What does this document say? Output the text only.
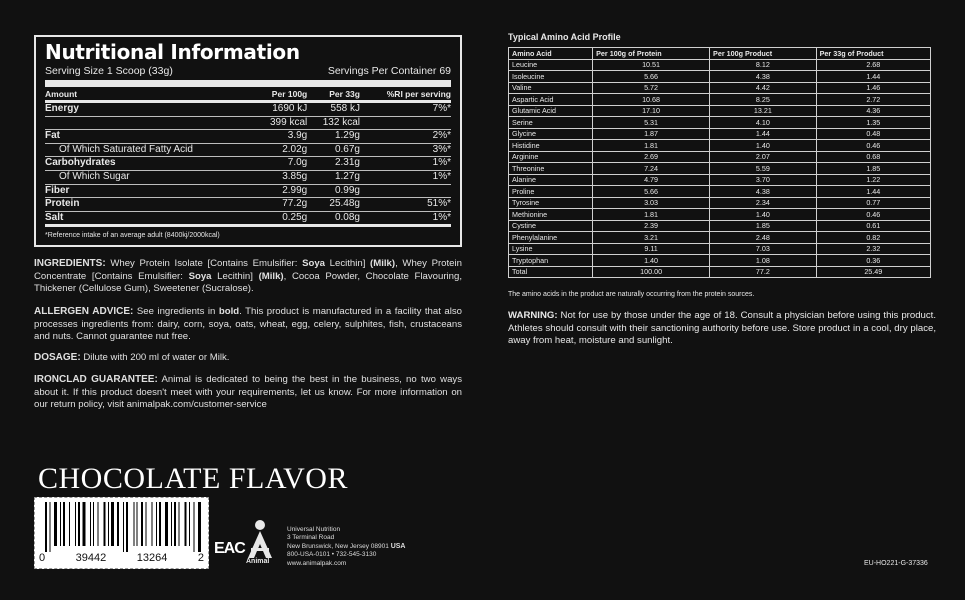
Nutritional Information
Serving Size 1 Scoop (33g)	Servings Per Container 69
Amount	Per 100g	Per 33g	%RI per serving
Energy	1690 kJ	558 kJ	7%*
	399 kcal	132 kcal	
Fat	3.9g	1.29g	2%*
Of Which Saturated Fatty Acid	2.02g	0.67g	3%*
Carbohydrates	7.0g	2.31g	1%*
Of Which Sugar	3.85g	1.27g	1%*
Fiber	2.99g	0.99g	
Protein	77.2g	25.48g	51%*
Salt	0.25g	0.08g	1%*
*Reference intake of an average adult (8400kj/2000kcal)
INGREDIENTS: Whey Protein Isolate [Contains Emulsifier: Soya Lecithin] (Milk), Whey Protein Concentrate [Contains Emulsifier: Soya Lecithin] (Milk), Cocoa Powder, Chocolate Flavouring, Thickener (Cellulose Gum), Sweetener (Sucralose).
ALLERGEN ADVICE: See ingredients in bold. This product is manufactured in a facility that also processes ingredients from: dairy, corn, soya, oats, wheat, egg, celery, sulphites, fish, crustaceans and nuts. Cannot guarantee nut free.
DOSAGE: Dilute with 200 ml of water or Milk.
IRONCLAD GUARANTEE: Animal is dedicated to being the best in the business, no two ways about it. If this product doesn't meet with your requirements, let us know. For more information on our return policy, visit animalpak.com/customer-service
Typical Amino Acid Profile
Amino Acid	Per 100g of Protein	Per 100g Product	Per 33g of Product
Leucine	10.51	8.12	2.68
Isoleucine	5.66	4.38	1.44
Valine	5.72	4.42	1.46
Aspartic Acid	10.68	8.25	2.72
Glutamic Acid	17.10	13.21	4.36
Serine	5.31	4.10	1.35
Glycine	1.87	1.44	0.48
Histidine	1.81	1.40	0.46
Arginine	2.69	2.07	0.68
Threonine	7.24	5.59	1.85
Alanine	4.79	3.70	1.22
Proline	5.66	4.38	1.44
Tyrosine	3.03	2.34	0.77
Methionine	1.81	1.40	0.46
Cystine	2.39	1.85	0.61
Phenylalanine	3.21	2.48	0.82
Lysine	9.11	7.03	2.32
Tryptophan	1.40	1.08	0.36
Total	100.00	77.2	25.49
The amino acids in the product are naturally occurring from the protein sources.
WARNING: Not for use by those under the age of 18. Consult a physician before using this product. Athletes should consult with their sanctioning authority before use. Store product in a cool, dry place, away from heat, moisture and sunlight.
CHOCOLATE FLAVOR
0	39442	13264	2
EAC
Animal
Universal Nutrition
3 Terminal Road
New Brunswick, New Jersey 08901 USA
800-USA-0101 • 732-545-3130
www.animalpak.com	EU-HO221-G-37336
